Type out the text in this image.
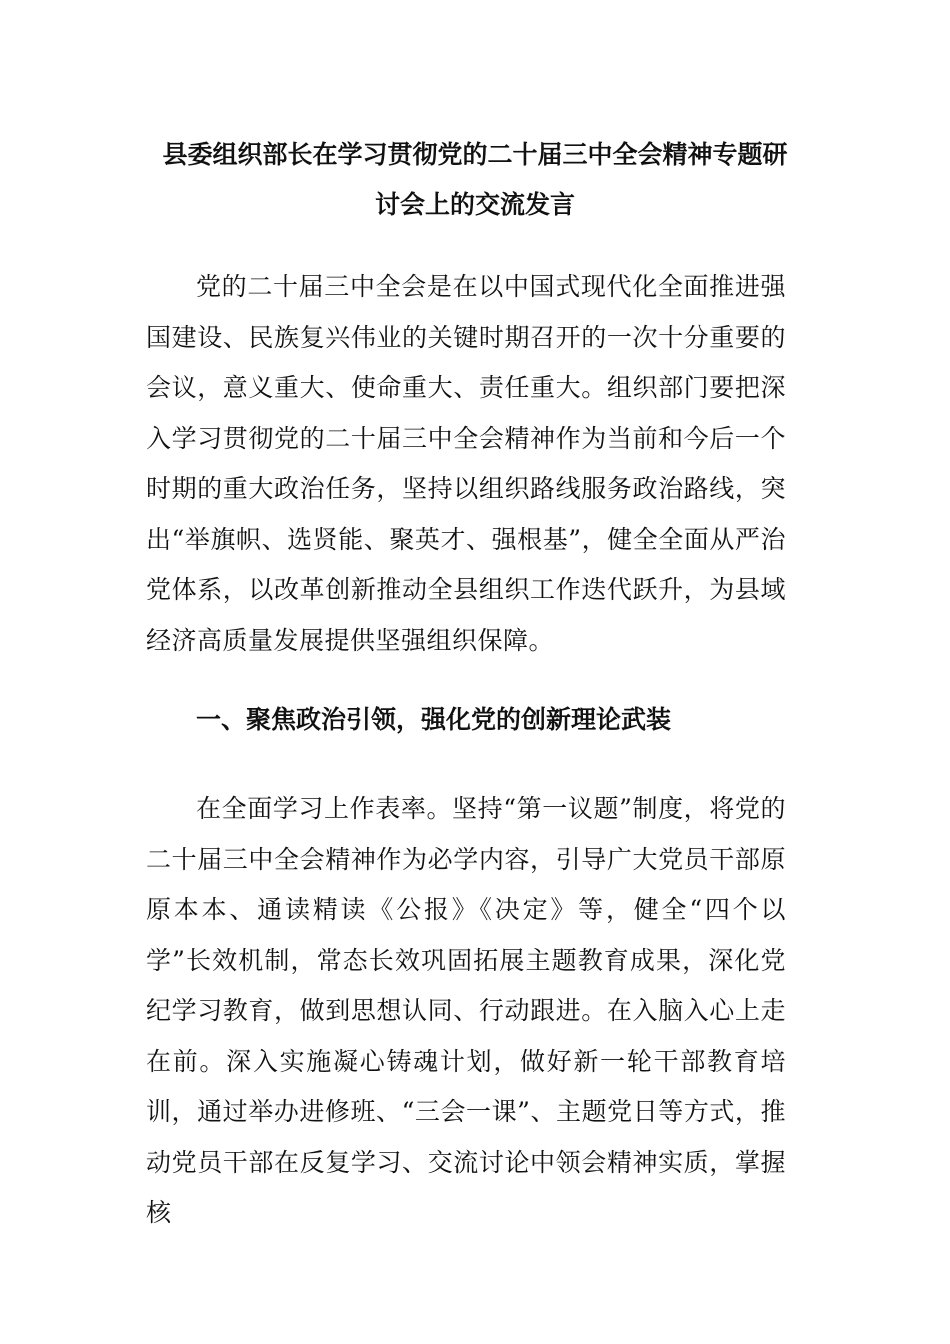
县委组织部长在学习贯彻党的二十届三中全会精神专题研
讨会上的交流发言

党的二十届三中全会是在以中国式现代化全面推进强国建设、民族复兴伟业的关键时期召开的一次十分重要的会议，意义重大、使命重大、责任重大。组织部门要把深入学习贯彻党的二十届三中全会精神作为当前和今后一个时期的重大政治任务，坚持以组织路线服务政治路线，突出“举旗帜、选贤能、聚英才、强根基”，健全全面从严治党体系，以改革创新推动全县组织工作迭代跃升，为县域经济高质量发展提供坚强组织保障。

一、聚焦政治引领，强化党的创新理论武装

在全面学习上作表率。坚持“第一议题”制度，将党的二十届三中全会精神作为必学内容，引导广大党员干部原原本本、通读精读《公报》《决定》等，健全“四个以学”长效机制，常态长效巩固拓展主题教育成果，深化党纪学习教育，做到思想认同、行动跟进。在入脑入心上走在前。深入实施凝心铸魂计划，做好新一轮干部教育培训，通过举办进修班、“三会一课”、主题党日等方式，推动党员干部在反复学习、交流讨论中领会精神实质，掌握核
